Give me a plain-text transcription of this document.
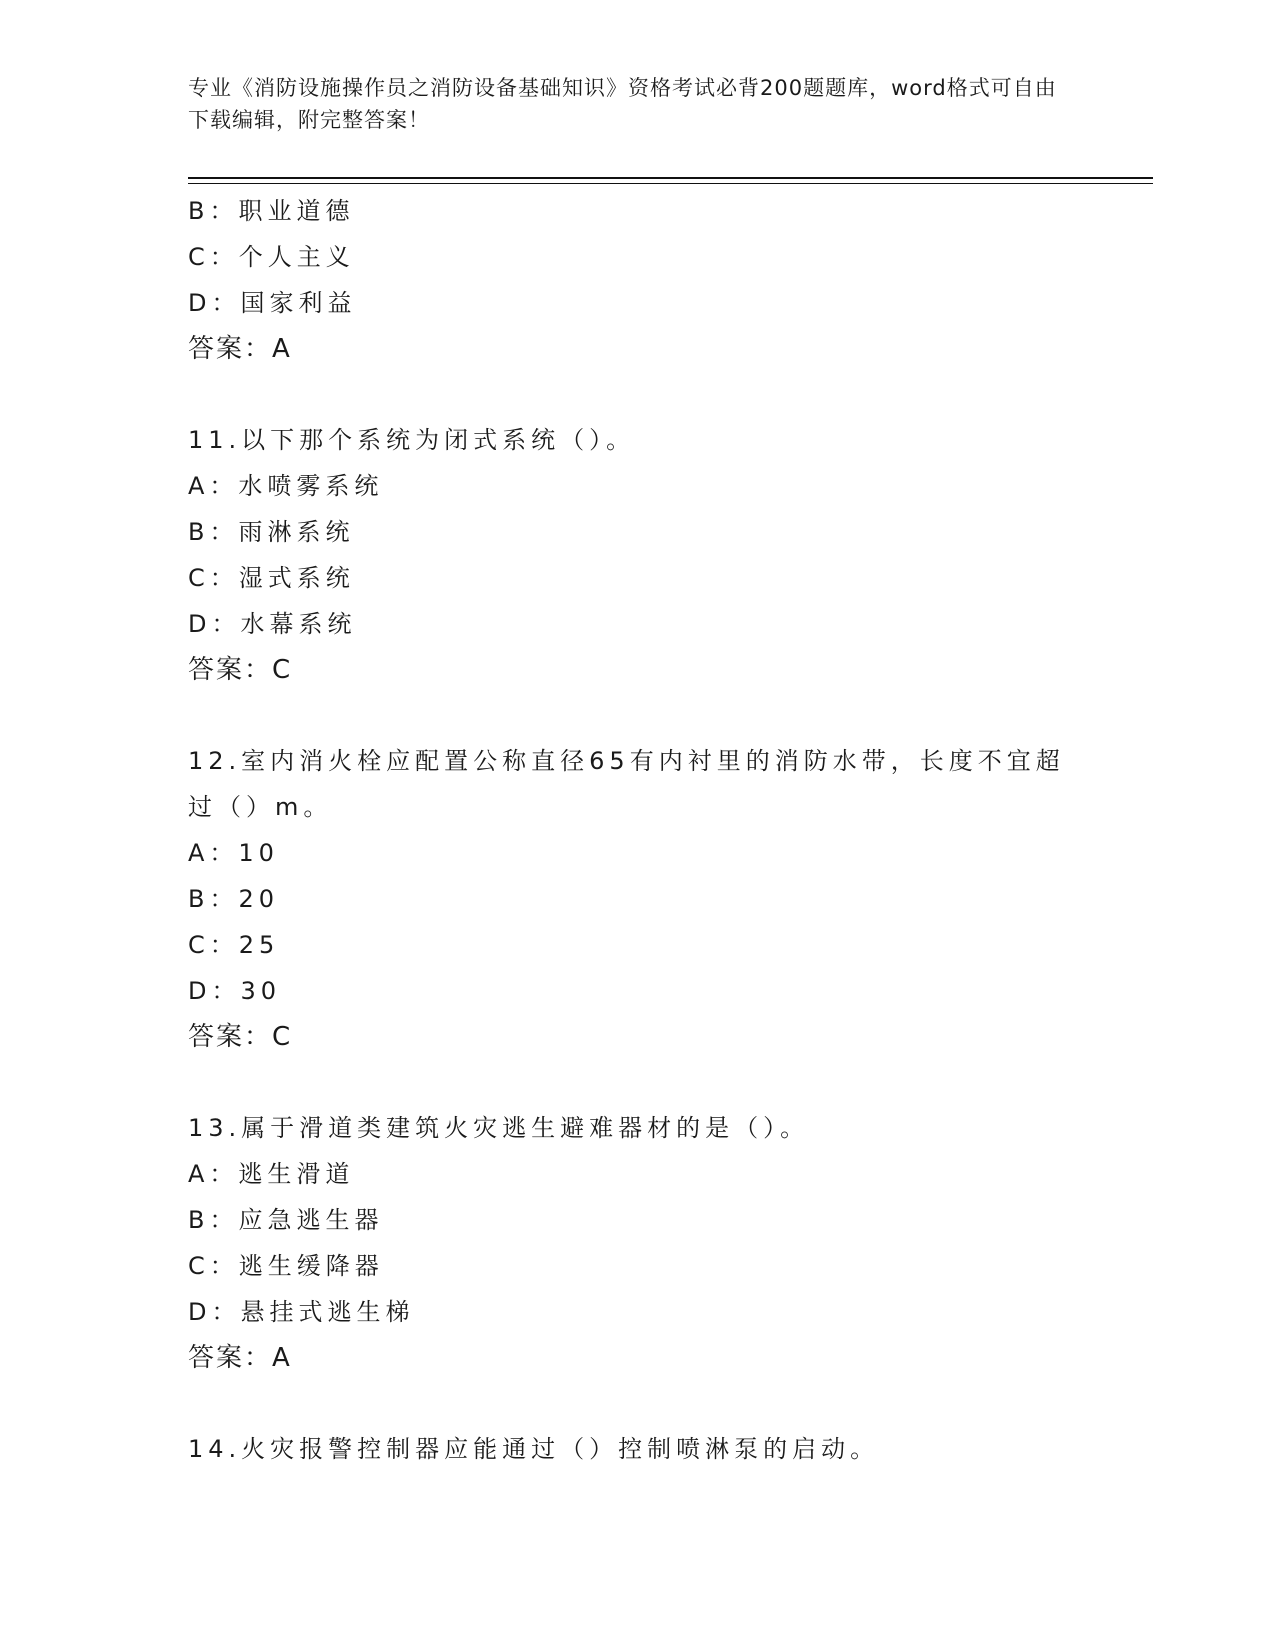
专业《消防设施操作员之消防设备基础知识》资格考试必背200题题库，word格式可自由下载编辑，附完整答案！
B：职业道德
C：个人主义
D：国家利益
答案：A
11.以下那个系统为闭式系统（）。
A：水喷雾系统
B：雨淋系统
C：湿式系统
D：水幕系统
答案：C
12.室内消火栓应配置公称直径65有内衬里的消防水带，长度不宜超过（）m。
A：10
B：20
C：25
D：30
答案：C
13.属于滑道类建筑火灾逃生避难器材的是（）。
A：逃生滑道
B：应急逃生器
C：逃生缓降器
D：悬挂式逃生梯
答案：A
14.火灾报警控制器应能通过（）控制喷淋泵的启动。
